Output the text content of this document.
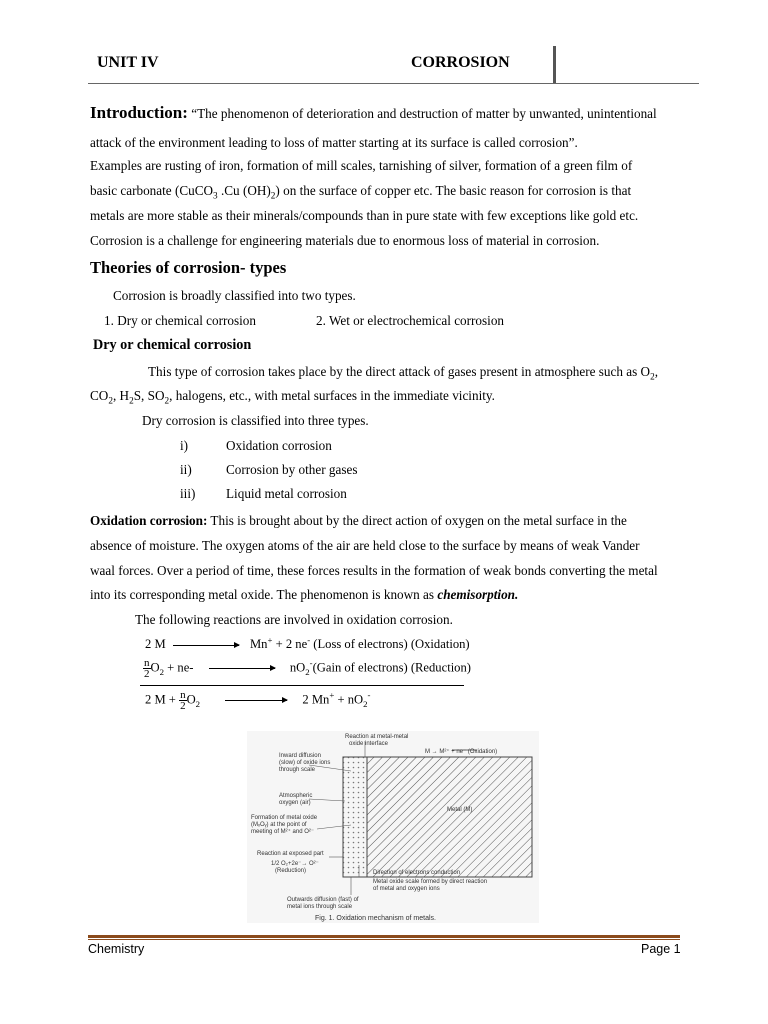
UNIT IV	CORROSION
Introduction: “The phenomenon of deterioration and destruction of matter by unwanted, unintentional
attack of the environment leading to loss of matter starting at its surface is called corrosion”.
Examples are rusting of iron, formation of mill scales, tarnishing of silver, formation of a green film of
basic carbonate (CuCO$_3$ .Cu $(OH)_2$) on the surface of copper etc. The basic reason for corrosion is that
metals are more stable as their minerals/compounds than in pure state with few exceptions like gold etc.
Corrosion is a challenge for engineering materials due to enormous loss of material in corrosion.
Theories of corrosion- types
Corrosion is broadly classified into two types.
1. Dry or chemical corrosion	2. Wet or electrochemical corrosion
Dry or chemical corrosion
This type of corrosion takes place by the direct attack of gases present in atmosphere such as $O_2$,
$CO_2$, $H_2S$, $SO_2$, halogens, etc., with metal surfaces in the immediate vicinity.
Dry corrosion is classified into three types.
i)	Oxidation corrosion
ii)	Corrosion by other gases
iii) Liquid metal corrosion
Oxidation corrosion: This is brought about by the direct action of oxygen on the metal surface in the
absence of moisture. The oxygen atoms of the air are held close to the surface by means of weak Vander
waal forces. Over a period of time, these forces results in the formation of weak bonds converting the metal
into its corresponding metal oxide. The phenomenon is known as chemisorption.
The following reactions are involved in oxidation corrosion.
2 M	Mn+ + 2 ne- (Loss of electrons) (Oxidation)
$\frac{n}{2} O_2 + ne-$	$nO_2^-(Gain$ of electrons) (Reduction)
2 $M + \frac{n}{2} O_2$	2 $Mn^+ + nO_2^-$
Reaction at metal-metal
oxide interface
M → M²⁺ + ne⁻ (Oxidation)
Inward diffusion
(slow) of oxide ions
through scale
Atmospheric
oxygen (air)
Formation of metal oxide
(MₓOᵧ) at the point of
meeting of M²⁺ and O²⁻
Metal (M)
Reaction at exposed part
1/2 O₂+2e⁻→ O²⁻
(Reduction)	Direction of electrons conduction
Metal oxide scale formed by direct reaction
of metal and oxygen ions
Outwards diffusion (fast) of
metal ions through scale
Fig. 1. Oxidation mechanism of metals.
Chemistry	Page 1
